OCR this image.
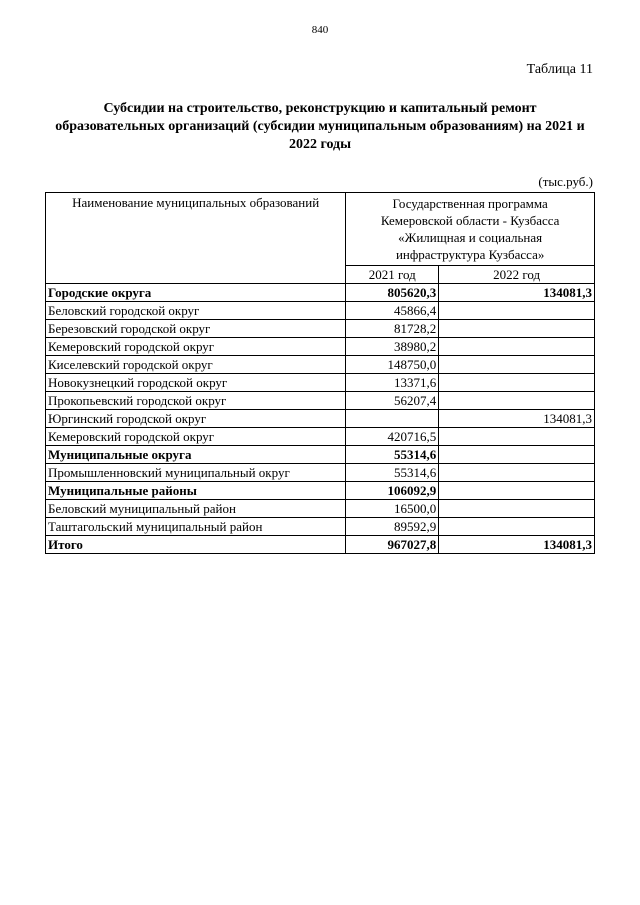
840
Таблица 11
Субсидии на строительство, реконструкцию и капитальный ремонт
образовательных организаций (субсидии муниципальным образованиям) на 2021 и
2022 годы
(тыс.руб.)
Наименование муниципальных образований	Государственная программа
Кемеровской области - Кузбасса
«Жилищная и социальная
инфраструктура Кузбасса»	

	2021 год	2022 год
Городские округа	805620,3	134081,3
Беловский городской округ	45866,4	
Березовский городской округ	81728,2	
Кемеровский городской округ	38980,2	
Киселевский городской округ	148750,0	
Новокузнецкий городской округ	13371,6	
Прокопьевский городской округ	56207,4	
Юргинский городской округ		134081,3
Кемеровский городской округ	420716,5	
Муниципальные округа	55314,6	
Промышленновский муниципальный округ	55314,6	
Муниципальные районы	106092,9	
Беловский муниципальный район	16500,0	
Таштагольский муниципальный район	89592,9	
Итого	967027,8	134081,3
